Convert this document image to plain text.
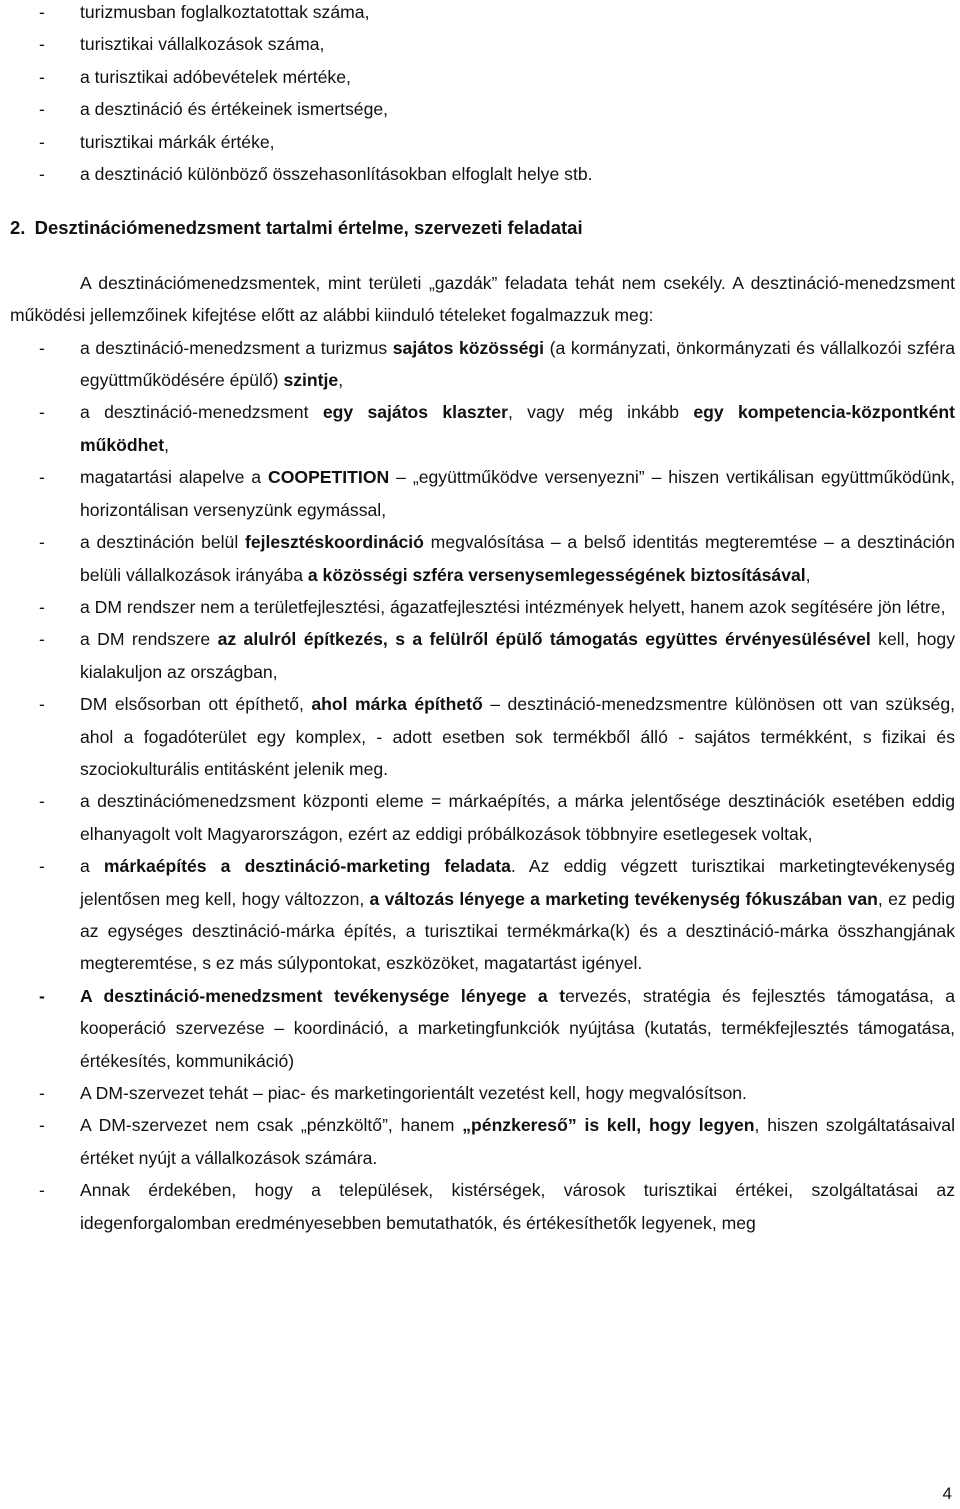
- turizmusban foglalkoztatottak száma,
- turisztikai vállalkozások száma,
- a turisztikai adóbevételek mértéke,
- a desztináció és értékeinek ismertsége,
- turisztikai márkák értéke,
- a desztináció különböző összehasonlításokban elfoglalt helye stb.
2. Desztinációmenedzsment tartalmi értelme, szervezeti feladatai
A desztinációmenedzsmentek, mint területi „gazdák” feladata tehát nem csekély. A desztináció-menedzsment működési jellemzőinek kifejtése előtt az alábbi kiinduló tételeket fogalmazzuk meg:
- a desztináció-menedzsment a turizmus sajátos közösségi (a kormányzati, önkormányzati és vállalkozói szféra együttműködésére épülő) szintje,
- a desztináció-menedzsment egy sajátos klaszter, vagy még inkább egy kompetencia-központként működhet,
- magatartási alapelve a COOPETITION – „együttműködve versenyezni” – hiszen vertikálisan együttműködünk, horizontálisan versenyzünk egymással,
- a desztináción belül fejlesztéskoordináció megvalósítása – a belső identitás megteremtése – a desztináción belüli vállalkozások irányába a közösségi szféra versenysemlegességének biztosításával,
- a DM rendszer nem a területfejlesztési, ágazatfejlesztési intézmények helyett, hanem azok segítésére jön létre,
- a DM rendszere az alulról építkezés, s a felülről épülő támogatás együttes érvényesülésével kell, hogy kialakuljon az országban,
- DM elsősorban ott építhető, ahol márka építhető – desztináció-menedzsmentre különösen ott van szükség, ahol a fogadóterület egy komplex, - adott esetben sok termékből álló - sajátos termékként, s fizikai és szociokulturális entitásként jelenik meg.
- a desztinációmenedzsment központi eleme = márkaépítés, a márka jelentősége desztinációk esetében eddig elhanyagolt volt Magyarországon, ezért az eddigi próbálkozások többnyire esetlegesek voltak,
- a márkaépítés a desztináció-marketing feladata. Az eddig végzett turisztikai marketingtevékenység jelentősen meg kell, hogy változzon, a változás lényege a marketing tevékenység fókuszában van, ez pedig az egységes desztináció-márka építés, a turisztikai termékmárka(k) és a desztináció-márka összhangjának megteremtése, s ez más súlypontokat, eszközöket, magatartást igényel.
- A desztináció-menedzsment tevékenysége lényege a tervezés, stratégia és fejlesztés támogatása, a kooperáció szervezése – koordináció, a marketingfunkciók nyújtása (kutatás, termékfejlesztés támogatása, értékesítés, kommunikáció)
- A DM-szervezet tehát – piac- és marketingorientált vezetést kell, hogy megvalósítson.
- A DM-szervezet nem csak „pénzköltő”, hanem „pénzkereső” is kell, hogy legyen, hiszen szolgáltatásaival értéket nyújt a vállalkozások számára.
- Annak érdekében, hogy a települések, kistérségek, városok turisztikai értékei, szolgáltatásai az idegenforgalomban eredményesebben bemutathatók, és értékesíthetők legyenek, meg
4
